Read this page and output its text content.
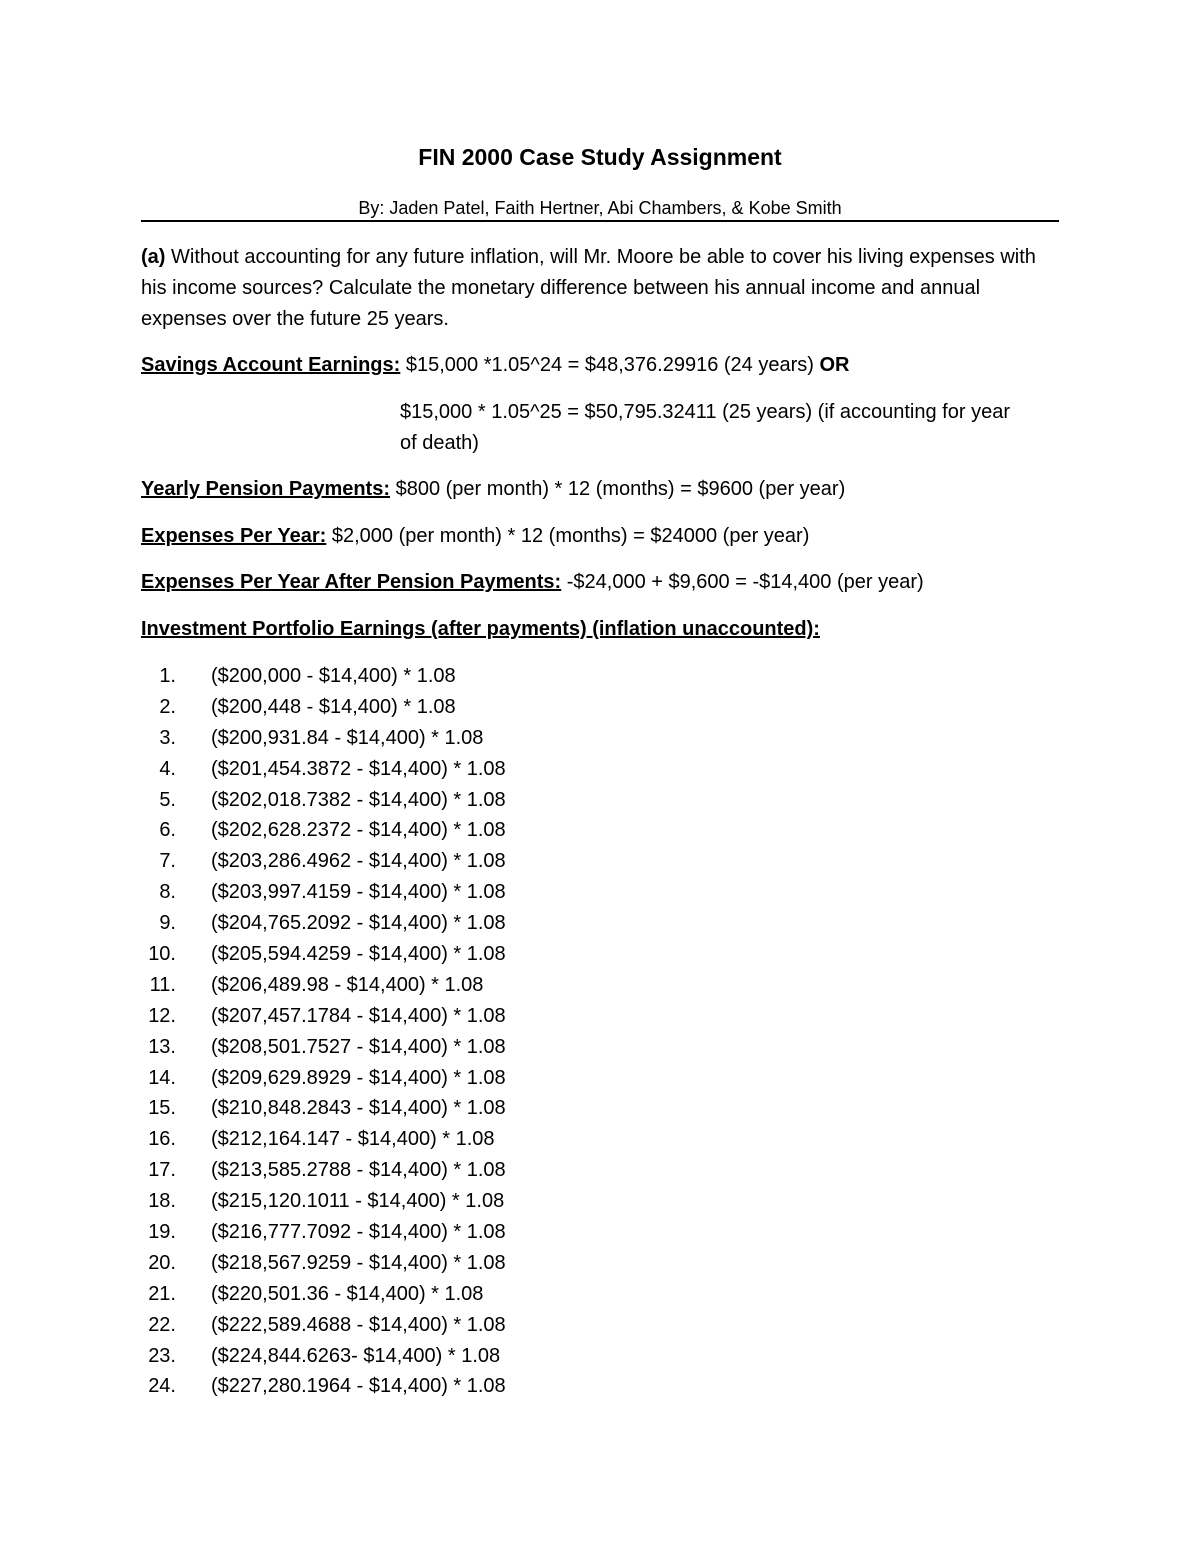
FIN 2000 Case Study Assignment
By: Jaden Patel, Faith Hertner, Abi Chambers, & Kobe Smith
(a) Without accounting for any future inflation, will Mr. Moore be able to cover his living expenses with his income sources? Calculate the monetary difference between his annual income and annual expenses over the future 25 years.
Savings Account Earnings: $15,000 *1.05^24 = $48,376.29916 (24 years) OR
$15,000 * 1.05^25 = $50,795.32411 (25 years) (if accounting for year of death)
Yearly Pension Payments: $800 (per month) * 12 (months) = $9600 (per year)
Expenses Per Year: $2,000 (per month) * 12 (months) = $24000 (per year)
Expenses Per Year After Pension Payments: -$24,000 + $9,600 = -$14,400 (per year)
Investment Portfolio Earnings (after payments) (inflation unaccounted):
1. ($200,000 - $14,400) * 1.08
2. ($200,448 - $14,400) * 1.08
3. ($200,931.84 - $14,400) * 1.08
4. ($201,454.3872 - $14,400) * 1.08
5. ($202,018.7382 - $14,400) * 1.08
6. ($202,628.2372 - $14,400) * 1.08
7. ($203,286.4962 - $14,400) * 1.08
8. ($203,997.4159 - $14,400) * 1.08
9. ($204,765.2092 - $14,400) * 1.08
10. ($205,594.4259 - $14,400) * 1.08
11. ($206,489.98 - $14,400) * 1.08
12. ($207,457.1784 - $14,400) * 1.08
13. ($208,501.7527 - $14,400) * 1.08
14. ($209,629.8929 - $14,400) * 1.08
15. ($210,848.2843 - $14,400) * 1.08
16. ($212,164.147 - $14,400) * 1.08
17. ($213,585.2788 - $14,400) * 1.08
18. ($215,120.1011 - $14,400) * 1.08
19. ($216,777.7092 - $14,400) * 1.08
20. ($218,567.9259 - $14,400) * 1.08
21. ($220,501.36 - $14,400) * 1.08
22. ($222,589.4688 - $14,400) * 1.08
23. ($224,844.6263- $14,400) * 1.08
24. ($227,280.1964 - $14,400) * 1.08
